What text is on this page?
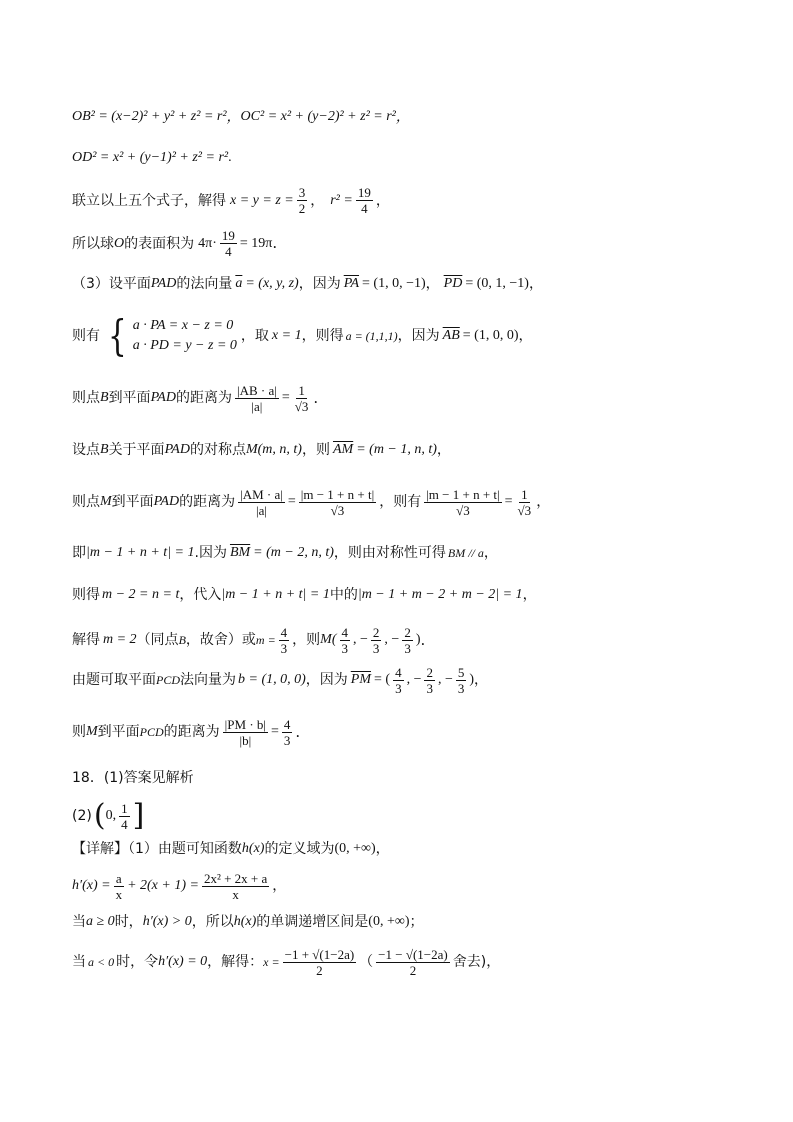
OB² = (x−2)² + y² + z² = r² ， OC² = x² + (y−2)² + z² = r² ，
OD² = x² + (y−1)² + z² = r² .
联立以上五个式子，解得 $x = y = z = \frac{3}{2}$ ， $r^2 = \frac{19}{4}$ ，
所以球 O 的表面积为 $4\pi\cdot \frac{19}{4} = 19\pi$ .
（3）设平面 PAD 的法向量 $\overline{a} = (x$, y, z) ，因为 $\overline{PA} = (1$, 0, −1) ， $\overline{PD} = (0$, 1, −1) ，
则有 { a · PA = x − z = 0
a · PD = y − z = 0
，取 x = 1 ，则得 a = (1,1,1) ，因为 $\overline{AB} = (1$, 0, 0) ，
则点 B 到平面 PAD 的距离为 $\frac{|AB \cdot a|}{|a|} = \frac{1}{√3}$ .
设点 B 关于平面 PAD 的对称点 M(m, n, t) ，则 $\overline{AM} = (m - 1$, n, t) ，
则点 M 到平面 PAD 的距离为 $\frac{|AM \cdot a|}{|a|} = \frac{|m - 1 + n + t|}{√3}$ ，则有 $\frac{|m - 1 + n + t|}{√3} = \frac{1}{√3}$ ，
即 |m − 1 + n + t| = 1 .因为 $\overline{BM} = (m - 2$, n, t) ，则由对称性可得 BM // a ，
则得 m − 2 = n = t ，代入 |m − 1 + n + t| = 1 中的 |m − 1 + m − 2 + m − 2| = 1 ，
解得 m = 2 （同点 B ，故舍）或 $m = \frac{4}{3}$ ，则 $M( \frac{4}{3}$ , − $\frac{2}{3}$ , − $\frac{2}{3}$ ) .
由题可取平面 PCD 法向量为 b = (1, 0, 0) ，因为 $\overline{PM}$ = ( $\frac{4}{3}$ , − $\frac{2}{3}$ , − $\frac{5}{3}$ ) ，
则 M 到平面 PCD 的距离为 $\frac{|PM \cdot b|}{|b|} = \frac{4}{3}$ .
18．(1)答案见解析
(2) ( 0, $\frac{1}{4}$ ]
【详解】（1）由题可知函数 h(x) 的定义域为 (0, +∞) ，
$h'(x) = \frac{a}{x} + 2(x + 1) = \frac{\text{2x² + 2x + a}}{x}$ ，
当 a ≥ 0 时， h′(x) > 0 ，所以 h(x) 的单调递增区间是 (0, +∞) ；
当 a < 0 时，令 h′(x) = 0 ，解得： $x = \frac{-1 + √(1-2a)}{2}$ （ $\frac{-1 - √(1-2a)}{2}$ 舍去)，
